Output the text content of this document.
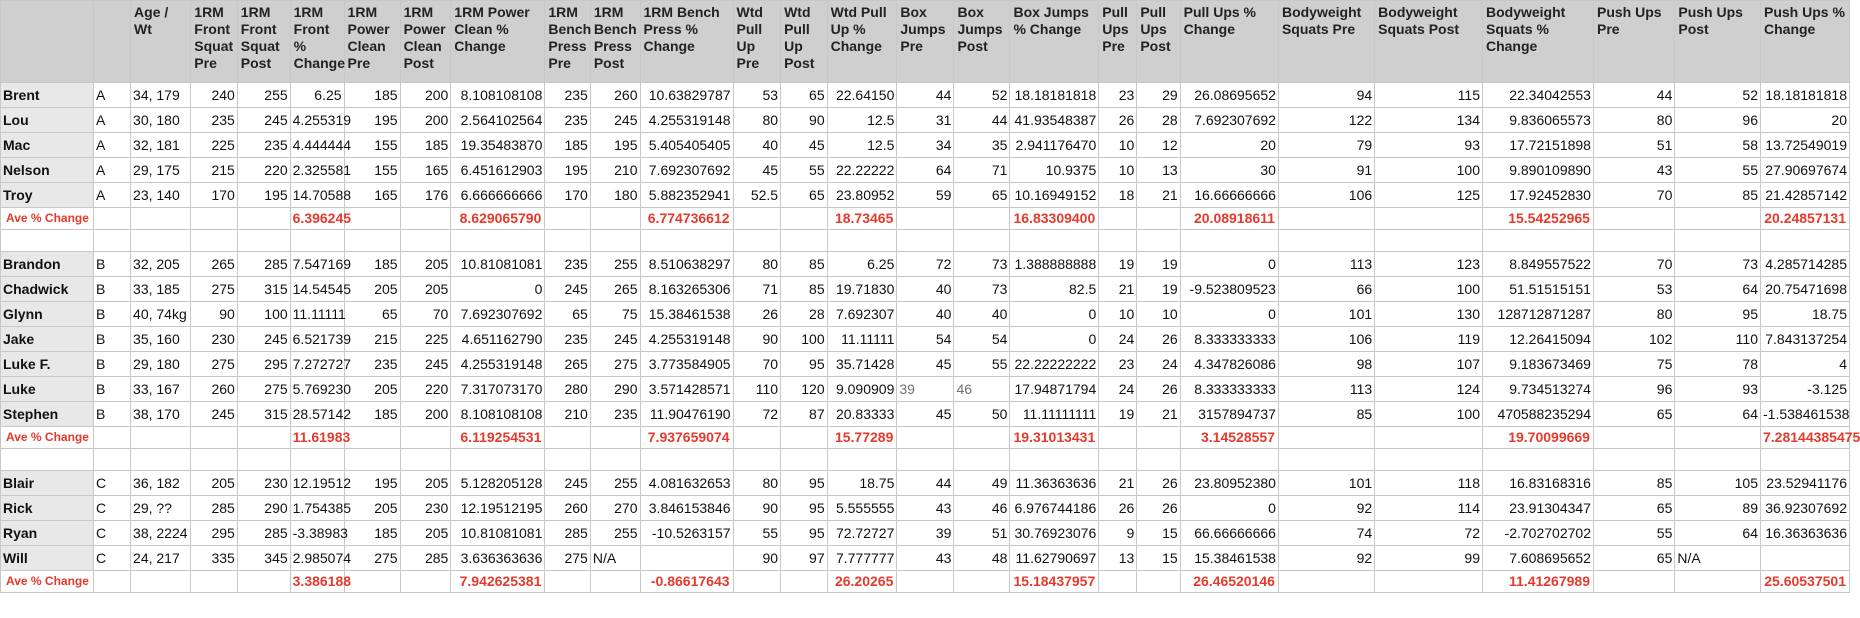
		Age / Wt	1RM Front Squat Pre	1RM Front Squat Post	1RM Front % Change	1RM Power Clean Pre	1RM Power Clean Post	1RM Power Clean % Change	1RM Bench Press Pre	1RM Bench Press Post	1RM Bench Press % Change	Wtd Pull Up Pre	Wtd Pull Up Post	Wtd Pull Up % Change	Box Jumps Pre	Box Jumps Post	Box Jumps % Change	Pull Ups Pre	Pull Ups Post	Pull Ups % Change	Bodyweight Squats Pre	Bodyweight Squats Post	Bodyweight Squats % Change	Push Ups Pre	Push Ups Post	Push Ups % Change
Brent	A	34, 179	240	255	6.25	185	200	8.108108108	235	260	10.63829787	53	65	22.64150	44	52	18.18181818	23	29	26.08695652	94	115	22.34042553	44	52	18.18181818
Lou	A	30, 180	235	245	4.255319	195	200	2.564102564	235	245	4.255319148	80	90	12.5	31	44	41.93548387	26	28	7.692307692	122	134	9.836065573	80	96	20
Mac	A	32, 181	225	235	4.444444	155	185	19.35483870	185	195	5.405405405	40	45	12.5	34	35	2.941176470	10	12	20	79	93	17.72151898	51	58	13.72549019
Nelson	A	29, 175	215	220	2.325581	155	165	6.451612903	195	210	7.692307692	45	55	22.22222	64	71	10.9375	10	13	30	91	100	9.890109890	43	55	27.90697674
Troy	A	23, 140	170	195	14.70588	165	176	6.666666666	170	180	5.882352941	52.5	65	23.80952	59	65	10.16949152	18	21	16.66666666	106	125	17.92452830	70	85	21.42857142
Ave % Change					6.396245			8.629065790			6.774736612			18.73465			16.83309400			20.08918611			15.54252965			20.24857131

Brandon	B	32, 205	265	285	7.547169	185	205	10.81081081	235	255	8.510638297	80	85	6.25	72	73	1.388888888	19	19	0	113	123	8.849557522	70	73	4.285714285
Chadwick	B	33, 185	275	315	14.54545	205	205	0	245	265	8.163265306	71	85	19.71830	40	73	82.5	21	19	-9.523809523	66	100	51.51515151	53	64	20.75471698
Glynn	B	40, 74kg	90	100	11.11111	65	70	7.692307692	65	75	15.38461538	26	28	7.692307	40	40	0	10	10	0	101	130	128712871287	80	95	18.75
Jake	B	35, 160	230	245	6.521739	215	225	4.651162790	235	245	4.255319148	90	100	11.11111	54	54	0	24	26	8.333333333	106	119	12.26415094	102	110	7.843137254
Luke F.	B	29, 180	275	295	7.272727	235	245	4.255319148	265	275	3.773584905	70	95	35.71428	45	55	22.22222222	23	24	4.347826086	98	107	9.183673469	75	78	4
Luke	B	33, 167	260	275	5.769230	205	220	7.317073170	280	290	3.571428571	110	120	9.090909	39	46	17.94871794	24	26	8.333333333	113	124	9.734513274	96	93	-3.125
Stephen	B	38, 170	245	315	28.57142	185	200	8.108108108	210	235	11.90476190	72	87	20.83333	45	50	11.11111111	19	21	3157894737	85	100	470588235294	65	64	-1.538461538
Ave % Change					11.61983			6.119254531			7.937659074			15.77289			19.31013431			3.14528557			19.70099669			7.28144385475

Blair	C	36, 182	205	230	12.19512	195	205	5.128205128	245	255	4.081632653	80	95	18.75	44	49	11.36363636	21	26	23.80952380	101	118	16.83168316	85	105	23.52941176
Rick	C	29, ??	285	290	1.754385	205	230	12.19512195	260	270	3.846153846	90	95	5.555555	43	46	6.976744186	26	26	0	92	114	23.91304347	65	89	36.92307692
Ryan	C	38, 2224	295	285	-3.38983	185	205	10.81081081	285	255	-10.5263157	55	95	72.72727	39	51	30.76923076	9	15	66.66666666	74	72	-2.702702702	55	64	16.36363636
Will	C	24, 217	335	345	2.985074	275	285	3.636363636	275	N/A		90	97	7.777777	43	48	11.62790697	13	15	15.38461538	92	99	7.608695652	65	N/A	
Ave % Change					3.386188			7.942625381			-0.86617643			26.20265			15.18437957			26.46520146			11.41267989			25.60537501
